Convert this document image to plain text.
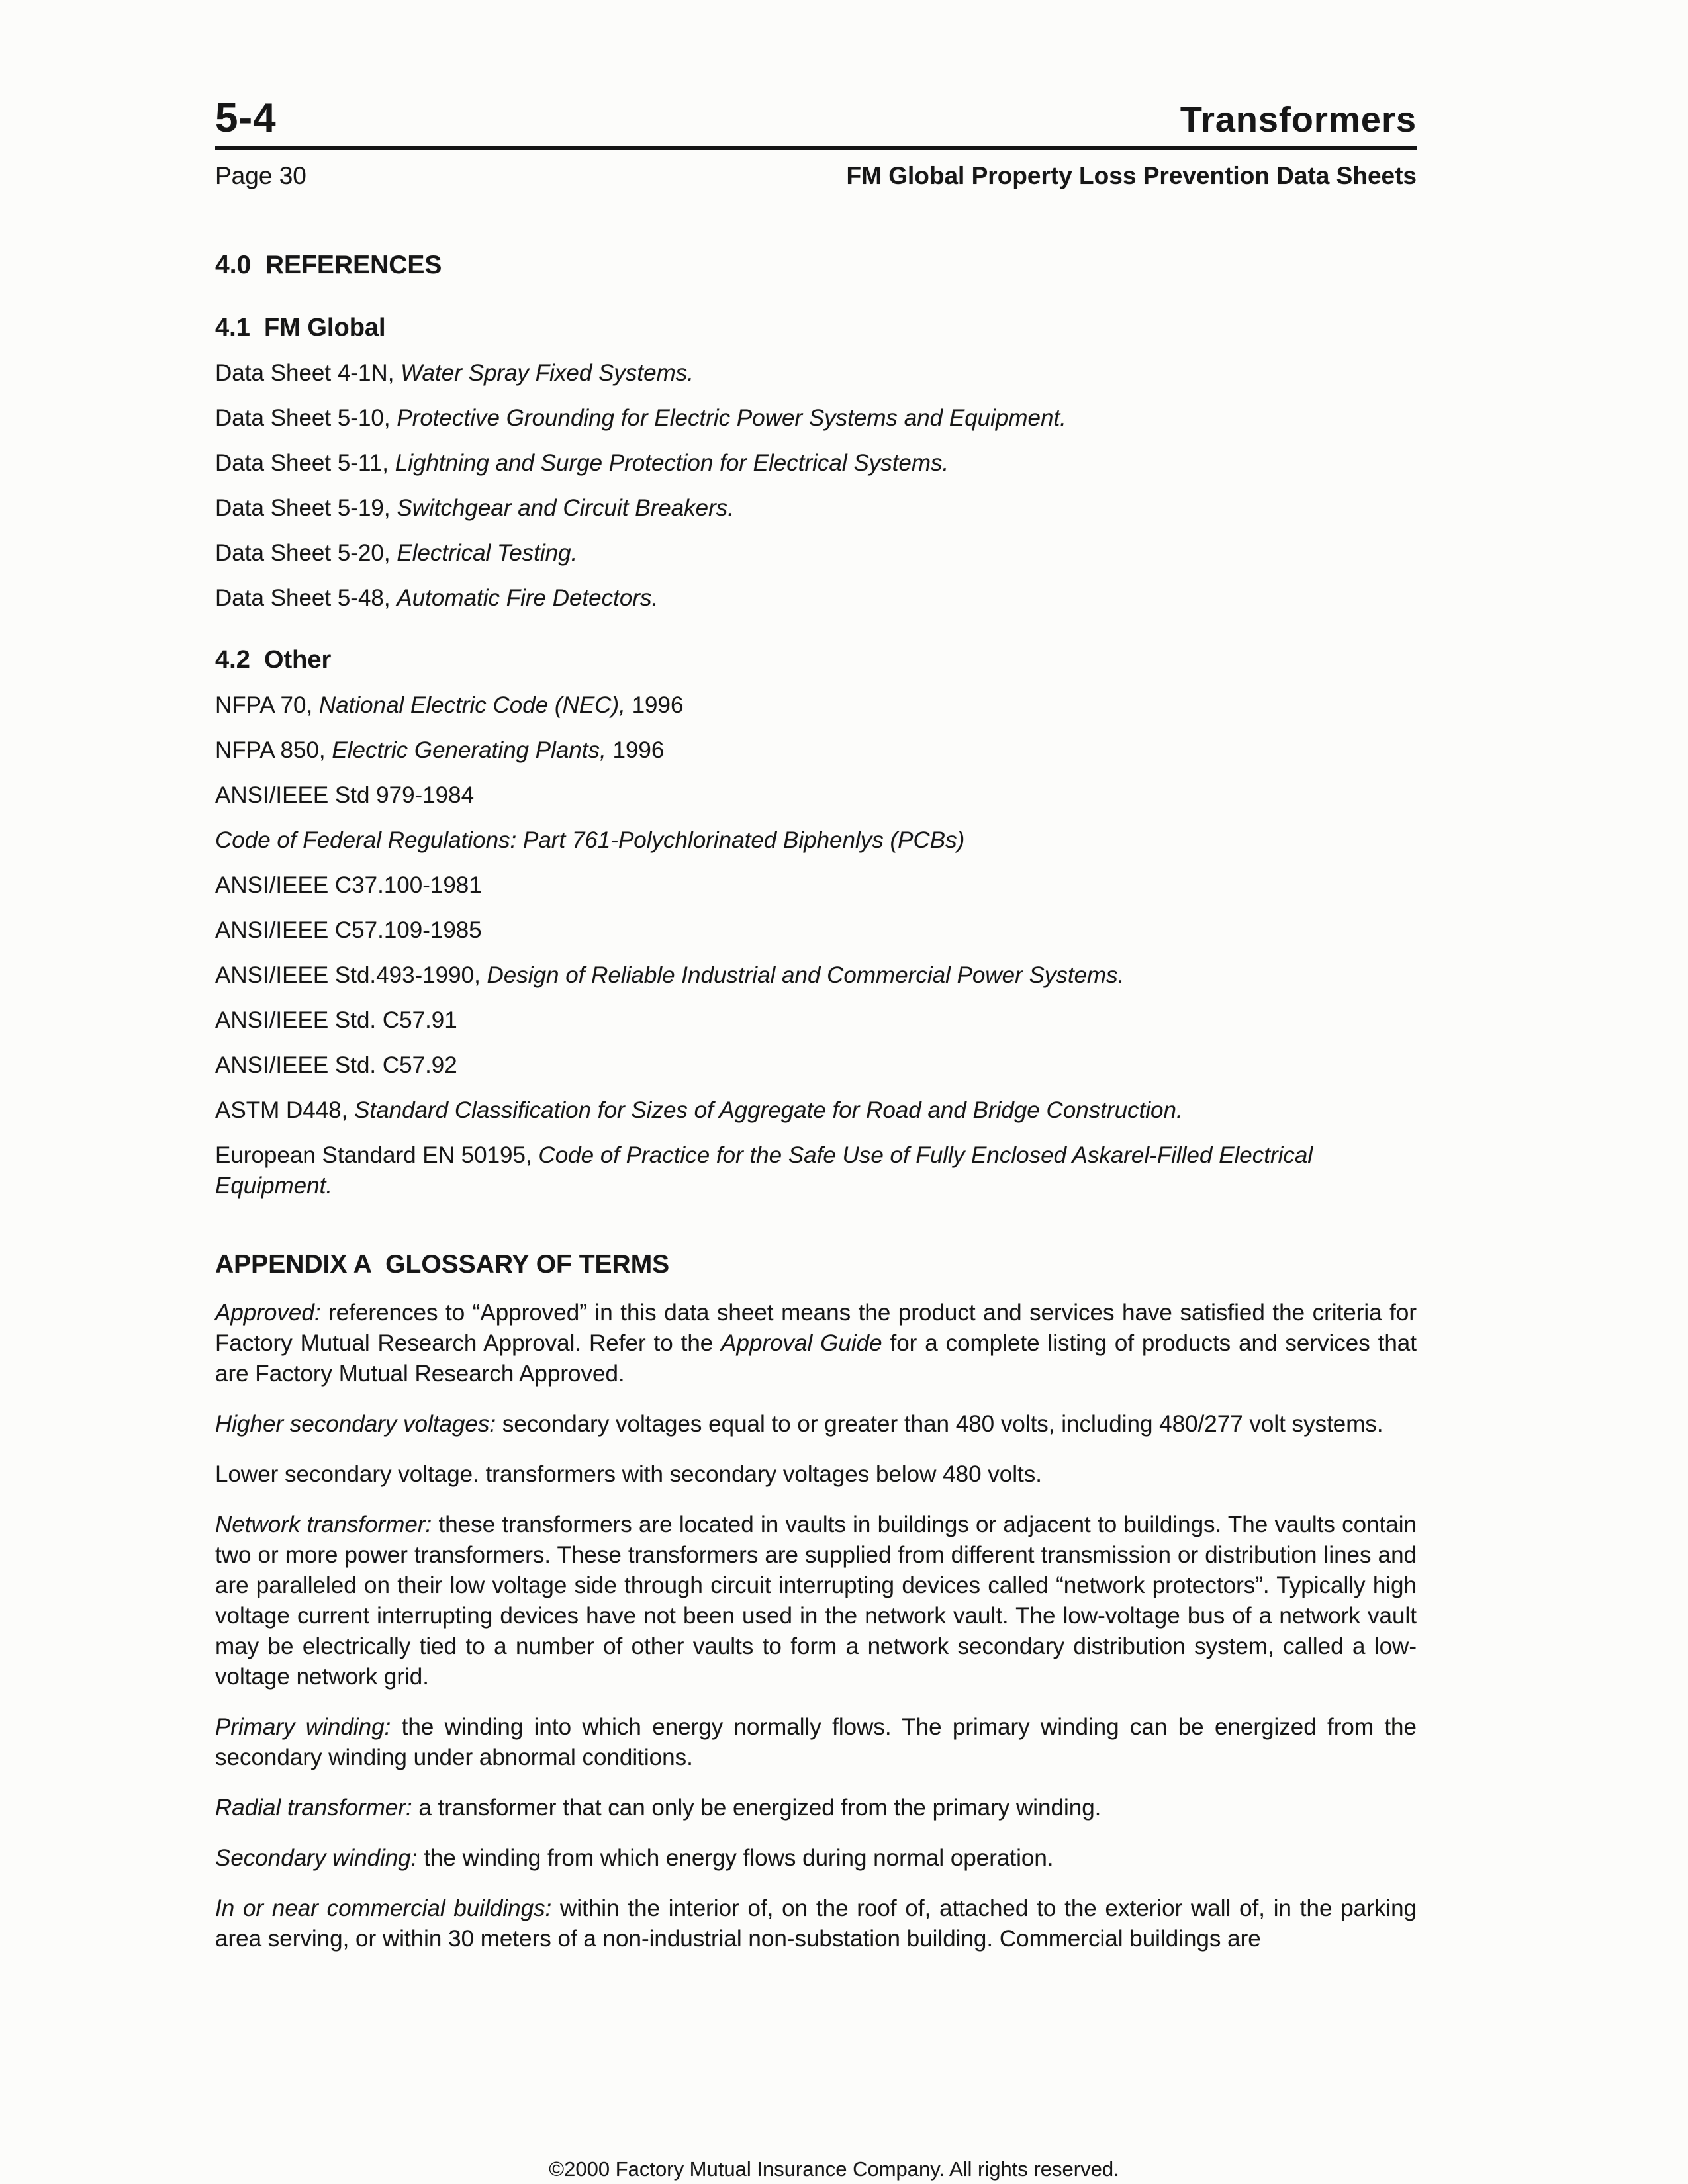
5-4	Transformers
Page 30	FM Global Property Loss Prevention Data Sheets
4.0  REFERENCES
4.1  FM Global

Data Sheet 4-1N, Water Spray Fixed Systems.

Data Sheet 5-10, Protective Grounding for Electric Power Systems and Equipment.

Data Sheet 5-11, Lightning and Surge Protection for Electrical Systems.

Data Sheet 5-19, Switchgear and Circuit Breakers.

Data Sheet 5-20, Electrical Testing.

Data Sheet 5-48, Automatic Fire Detectors.

4.2  Other

NFPA 70, National Electric Code (NEC), 1996

NFPA 850, Electric Generating Plants, 1996

ANSI/IEEE Std 979-1984

Code of Federal Regulations: Part 761-Polychlorinated Biphenlys (PCBs)

ANSI/IEEE C37.100-1981

ANSI/IEEE C57.109-1985

ANSI/IEEE Std.493-1990, Design of Reliable Industrial and Commercial Power Systems.

ANSI/IEEE Std. C57.91

ANSI/IEEE Std. C57.92

ASTM D448, Standard Classification for Sizes of Aggregate for Road and Bridge Construction.

European Standard EN 50195, Code of Practice for the Safe Use of Fully Enclosed Askarel-Filled Electrical Equipment.

APPENDIX A  GLOSSARY OF TERMS

Approved: references to “Approved” in this data sheet means the product and services have satisfied the criteria for Factory Mutual Research Approval. Refer to the Approval Guide for a complete listing of products and services that are Factory Mutual Research Approved.

Higher secondary voltages: secondary voltages equal to or greater than 480 volts, including 480/277 volt systems.

Lower secondary voltage. transformers with secondary voltages below 480 volts.

Network transformer: these transformers are located in vaults in buildings or adjacent to buildings. The vaults contain two or more power transformers. These transformers are supplied from different transmission or distribution lines and are paralleled on their low voltage side through circuit interrupting devices called “network protectors”. Typically high voltage current interrupting devices have not been used in the network vault. The low-voltage bus of a network vault may be electrically tied to a number of other vaults to form a network secondary distribution system, called a low-voltage network grid.

Primary winding: the winding into which energy normally flows. The primary winding can be energized from the secondary winding under abnormal conditions.

Radial transformer: a transformer that can only be energized from the primary winding.

Secondary winding: the winding from which energy flows during normal operation.

In or near commercial buildings: within the interior of, on the roof of, attached to the exterior wall of, in the parking area serving, or within 30 meters of a non-industrial non-substation building. Commercial buildings are

©2000 Factory Mutual Insurance Company. All rights reserved.
